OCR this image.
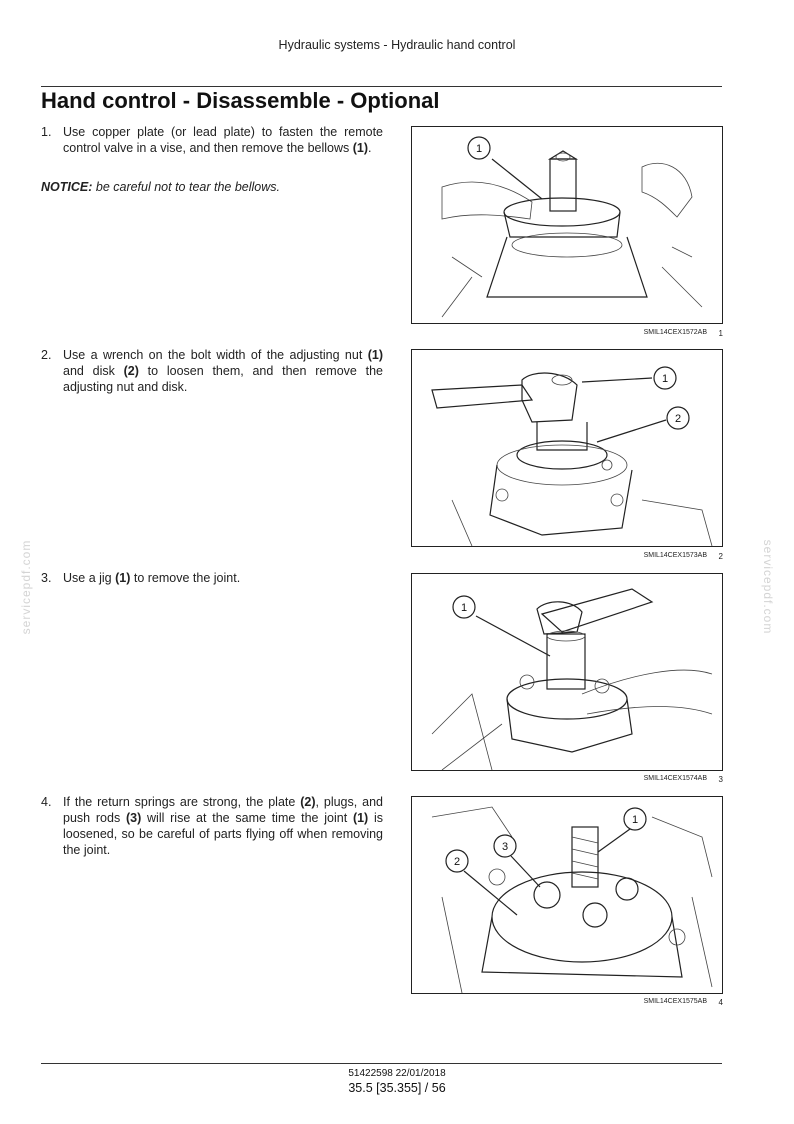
Hydraulic systems - Hydraulic hand control
Hand control - Disassemble - Optional
1. Use copper plate (or lead plate) to fasten the remote control valve in a vise, and then remove the bellows (1).
NOTICE: be careful not to tear the bellows.
2. Use a wrench on the bolt width of the adjusting nut (1) and disk (2) to loosen them, and then remove the adjusting nut and disk.
3. Use a jig (1) to remove the joint.
4. If the return springs are strong, the plate (2), plugs, and push rods (3) will rise at the same time the joint (1) is loosened, so be careful of parts flying off when removing the joint.
1
SMIL14CEX1572AB 1
1
2
SMIL14CEX1573AB 2
1
SMIL14CEX1574AB 3
1
2
3
SMIL14CEX1575AB 4
servicepdf.com	servicepdf.com
51422598 22/01/2018
35.5 [35.355] / 56
